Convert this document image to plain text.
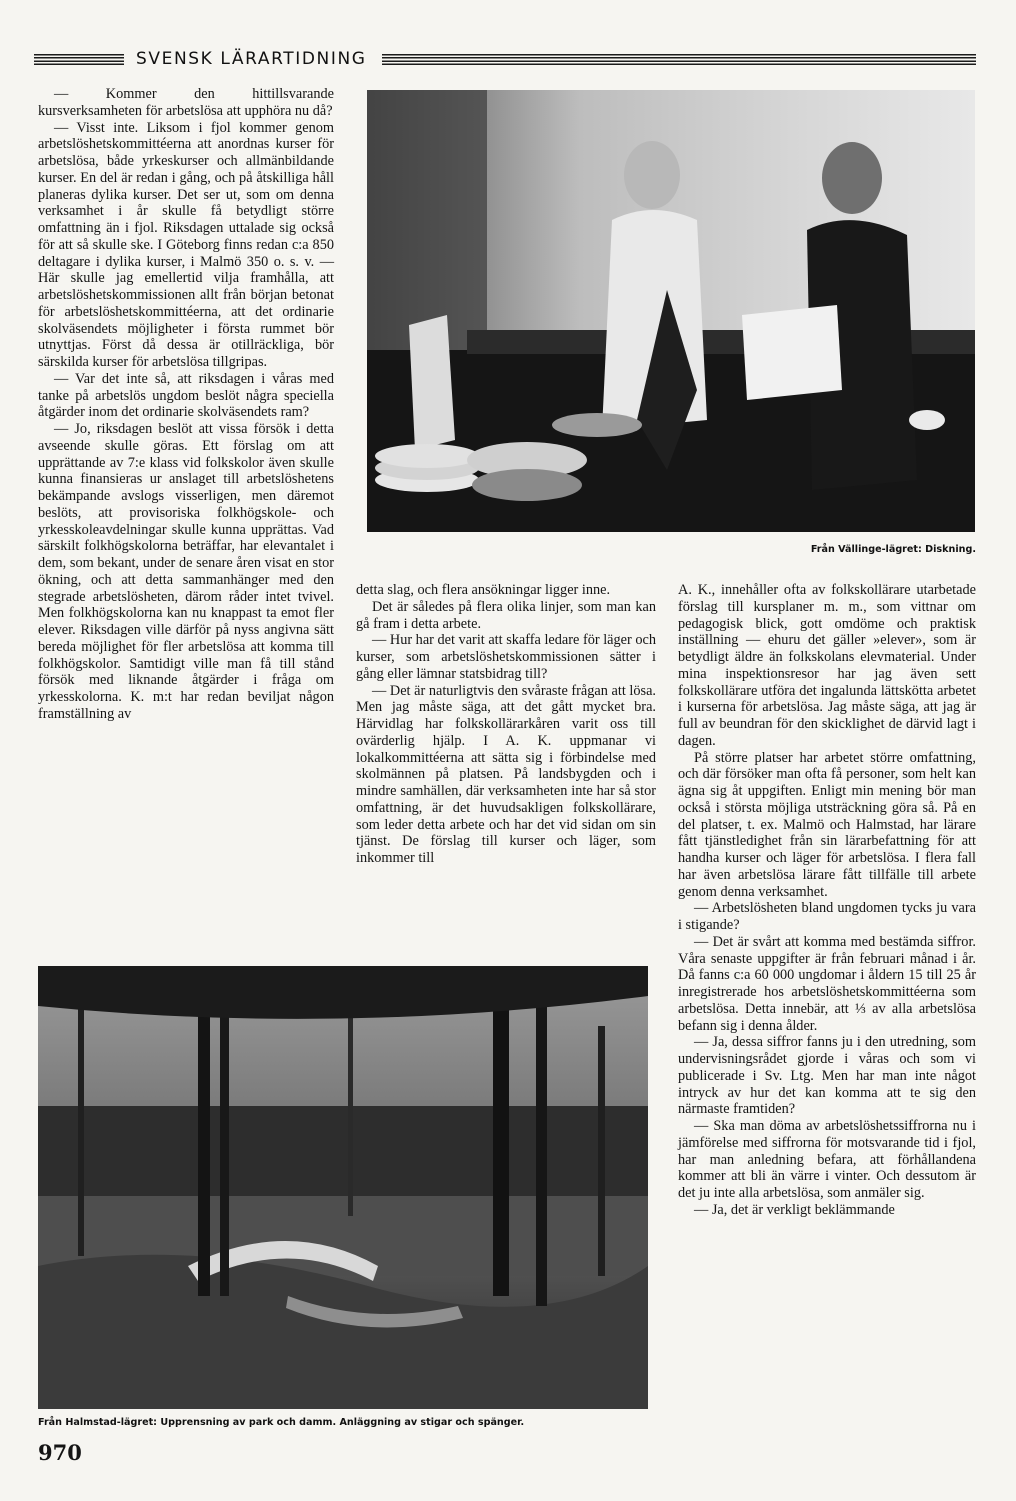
SVENSK LÄRARTIDNING

— Kommer den hittillsvarande kursverksamheten för arbetslösa att upphöra nu då?

— Visst inte. Liksom i fjol kommer genom arbetslöshetskommittéerna att anordnas kurser för arbetslösa, både yrkeskurser och allmänbildande kurser. En del är redan i gång, och på åtskilliga håll planeras dylika kurser. Det ser ut, som om denna verksamhet i år skulle få betydligt större omfattning än i fjol. Riksdagen uttalade sig också för att så skulle ske. I Göteborg finns redan c:a 850 deltagare i dylika kurser, i Malmö 350 o. s. v. — Här skulle jag emellertid vilja framhålla, att arbetslöshetskommissionen allt från början betonat för arbetslöshetskommittéerna, att det ordinarie skolväsendets möjligheter i första rummet bör utnyttjas. Först då dessa är otillräckliga, bör särskilda kurser för arbetslösa tillgripas.

— Var det inte så, att riksdagen i våras med tanke på arbetslös ungdom beslöt några speciella åtgärder inom det ordinarie skolväsendets ram?

— Jo, riksdagen beslöt att vissa försök i detta avseende skulle göras. Ett förslag om att upprättande av 7:e klass vid folkskolor även skulle kunna finansieras ur anslaget till arbetslöshetens bekämpande avslogs visserligen, men däremot beslöts, att provisoriska folkhögskole- och yrkesskoleavdelningar skulle kunna upprättas. Vad särskilt folkhögskolorna beträffar, har elevantalet i dem, som bekant, under de senare åren visat en stor ökning, och att detta sammanhänger med den stegrade arbetslösheten, därom råder intet tvivel. Men folkhögskolorna kan nu knappast ta emot fler elever. Riksdagen ville därför på nyss angivna sätt bereda möjlighet för fler arbetslösa att komma till folkhögskolor. Samtidigt ville man få till stånd försök med liknande åtgärder i fråga om yrkesskolorna. K. m:t har redan beviljat någon framställning av

Från Vällinge-lägret: Diskning.

detta slag, och flera ansökningar ligger inne.

Det är således på flera olika linjer, som man kan gå fram i detta arbete.

— Hur har det varit att skaffa ledare för läger och kurser, som arbetslöshetskommissionen sätter i gång eller lämnar statsbidrag till?

— Det är naturligtvis den svåraste frågan att lösa. Men jag måste säga, att det gått mycket bra. Härvidlag har folkskollärarkåren varit oss till ovärderlig hjälp. I A. K. uppmanar vi lokalkommittéerna att sätta sig i förbindelse med skolmännen på platsen. På landsbygden och i mindre samhällen, där verksamheten inte har så stor omfattning, är det huvudsakligen folkskollärare, som leder detta arbete och har det vid sidan om sin tjänst. De förslag till kurser och läger, som inkommer till

A. K., innehåller ofta av folkskollärare utarbetade förslag till kursplaner m. m., som vittnar om pedagogisk blick, gott omdöme och praktisk inställning — ehuru det gäller »elever», som är betydligt äldre än folkskolans elevmaterial. Under mina inspektionsresor har jag även sett folkskollärare utföra det ingalunda lättskötta arbetet i kurserna för arbetslösa. Jag måste säga, att jag är full av beundran för den skicklighet de därvid lagt i dagen.

På större platser har arbetet större omfattning, och där försöker man ofta få personer, som helt kan ägna sig åt uppgiften. Enligt min mening bör man också i största möjliga utsträckning göra så. På en del platser, t. ex. Malmö och Halmstad, har lärare fått tjänstledighet från sin lärarbefattning för att handha kurser och läger för arbetslösa. I flera fall har även arbetslösa lärare fått tillfälle till arbete genom denna verksamhet.

— Arbetslösheten bland ungdomen tycks ju vara i stigande?

— Det är svårt att komma med bestämda siffror. Våra senaste uppgifter är från februari månad i år. Då fanns c:a 60 000 ungdomar i åldern 15 till 25 år inregistrerade hos arbetslöshetskommittéerna som arbetslösa. Detta innebär, att ⅓ av alla arbetslösa befann sig i denna ålder.

— Ja, dessa siffror fanns ju i den utredning, som undervisningsrådet gjorde i våras och som vi publicerade i Sv. Ltg. Men har man inte något intryck av hur det kan komma att te sig den närmaste framtiden?

— Ska man döma av arbetslöshetssiffrorna nu i jämförelse med siffrorna för motsvarande tid i fjol, har man anledning befara, att förhållandena kommer att bli än värre i vinter. Och dessutom är det ju inte alla arbetslösa, som anmäler sig.

— Ja, det är verkligt beklämmande

Från Halmstad-lägret: Upprensning av park och damm. Anläggning av stigar och spänger.
970
